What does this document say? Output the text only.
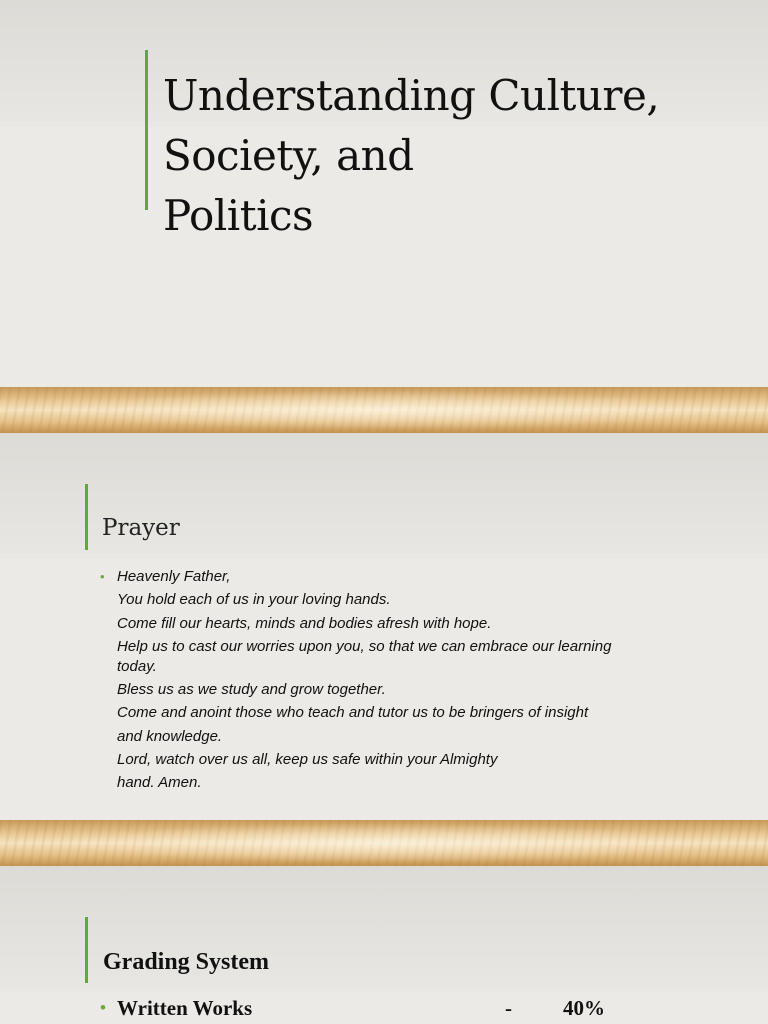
Understanding Culture,
Society, and
Politics
Prayer
• Heavenly Father,
You hold each of us in your loving hands.
Come fill our hearts, minds and bodies afresh with hope.
Help us to cast our worries upon you, so that we can embrace our learning
today.
Bless us as we study and grow together.
Come and anoint those who teach and tutor us to be bringers of insight
and knowledge.
Lord, watch over us all, keep us safe within your Almighty
hand. Amen.
Grading System
• Written Works	- 40%
